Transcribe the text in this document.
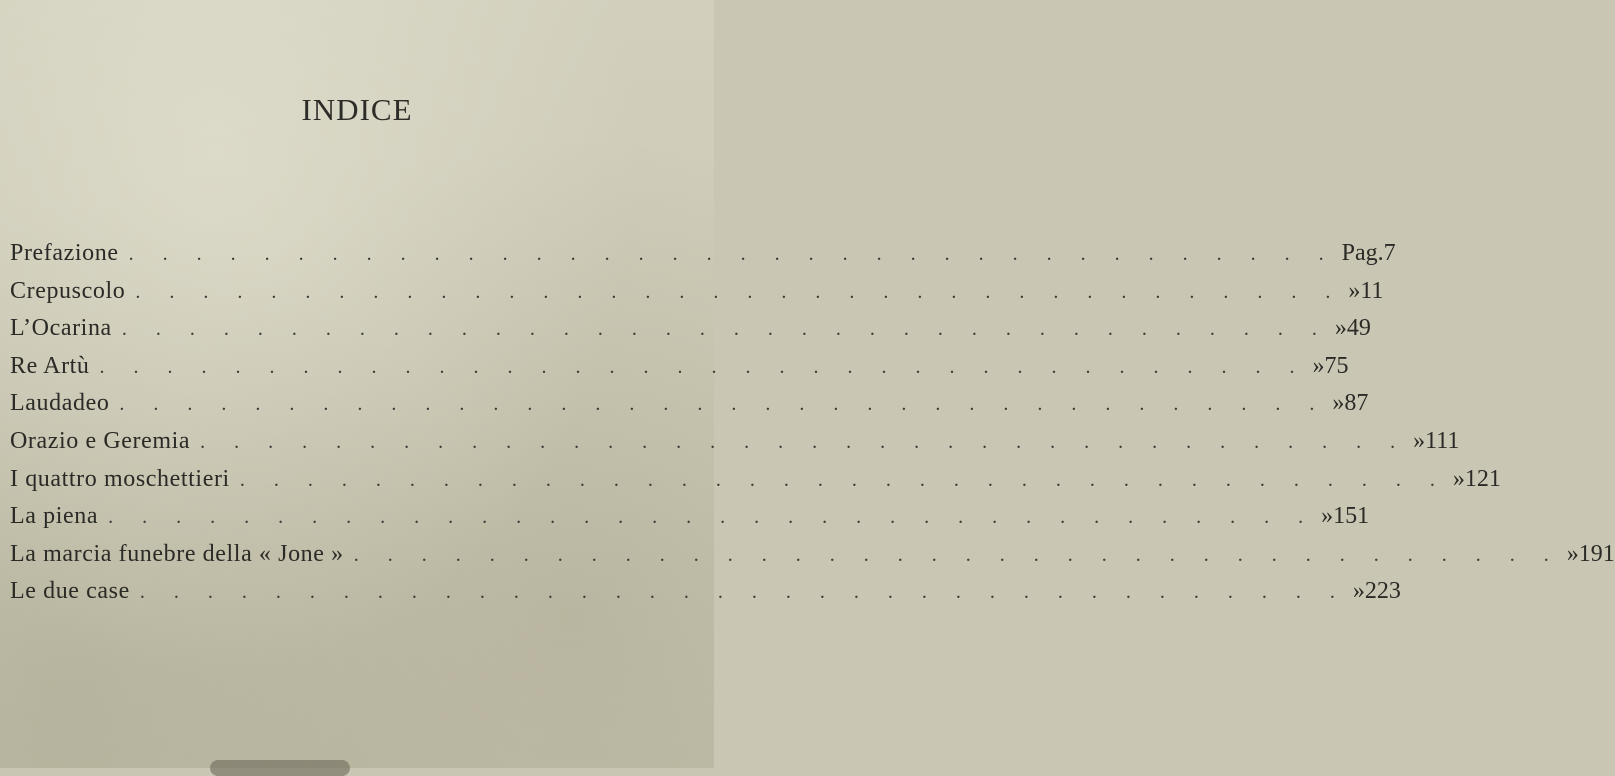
INDICE
Prefazione . . . . . . . . . . . . . . . . . . . . . . . . . . . . . . . . . . . . Pag. 7
Crepuscolo . . . . . . . . . . . . . . . . . . . . . . . . . . . . . . . . . . . . » 11
L’Ocarina . . . . . . . . . . . . . . . . . . . . . . . . . . . . . . . . . . . . » 49
Re Artù . . . . . . . . . . . . . . . . . . . . . . . . . . . . . . . . . . . . » 75
Laudadeo . . . . . . . . . . . . . . . . . . . . . . . . . . . . . . . . . . . . » 87
Orazio e Geremia . . . . . . . . . . . . . . . . . . . . . . . . . . . . . . . . . . . . » 111
I quattro moschettieri . . . . . . . . . . . . . . . . . . . . . . . . . . . . . . . . . . . . » 121
La piena . . . . . . . . . . . . . . . . . . . . . . . . . . . . . . . . . . . . » 151
La marcia funebre della « Jone » . . . . . . . . . . . . . . . . . . . . . . . . . . . . . . . . . . . . » 191
Le due case . . . . . . . . . . . . . . . . . . . . . . . . . . . . . . . . . . . . » 223
